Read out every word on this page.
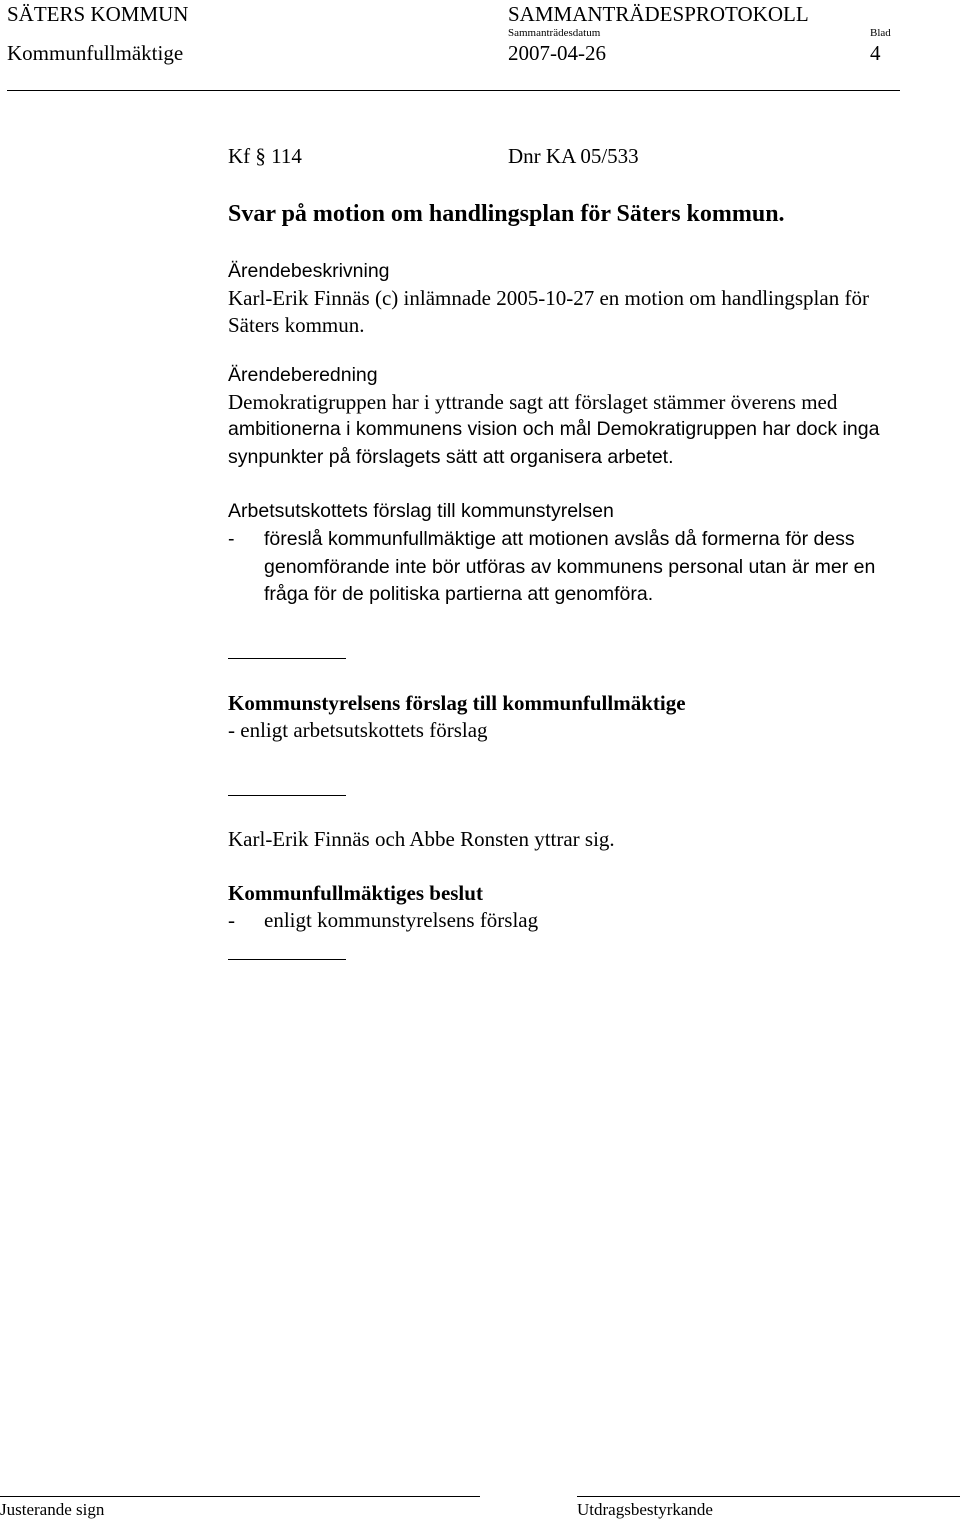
SÄTERS KOMMUN	SAMMANTRÄDESPROTOKOLL
Sammanträdesdatum	Blad
Kommunfullmäktige	2007-04-26	4
Kf § 114	Dnr KA 05/533
Svar på motion om handlingsplan för Säters kommun.
Ärendebeskrivning
Karl-Erik Finnäs (c) inlämnade 2005-10-27 en motion om handlingsplan för
Säters kommun.
Ärendeberedning
Demokratigruppen har i yttrande sagt att förslaget stämmer överens med
ambitionerna i kommunens vision och mål Demokratigruppen har dock inga
synpunkter på förslagets sätt att organisera arbetet.
Arbetsutskottets förslag till kommunstyrelsen
- föreslå kommunfullmäktige att motionen avslås då formerna för dess
genomförande inte bör utföras av kommunens personal utan är mer en
fråga för de politiska partierna att genomföra.
Kommunstyrelsens förslag till kommunfullmäktige
- enligt arbetsutskottets förslag
Karl-Erik Finnäs och Abbe Ronsten yttrar sig.
Kommunfullmäktiges beslut
- enligt kommunstyrelsens förslag
Justerande sign	Utdragsbestyrkande
